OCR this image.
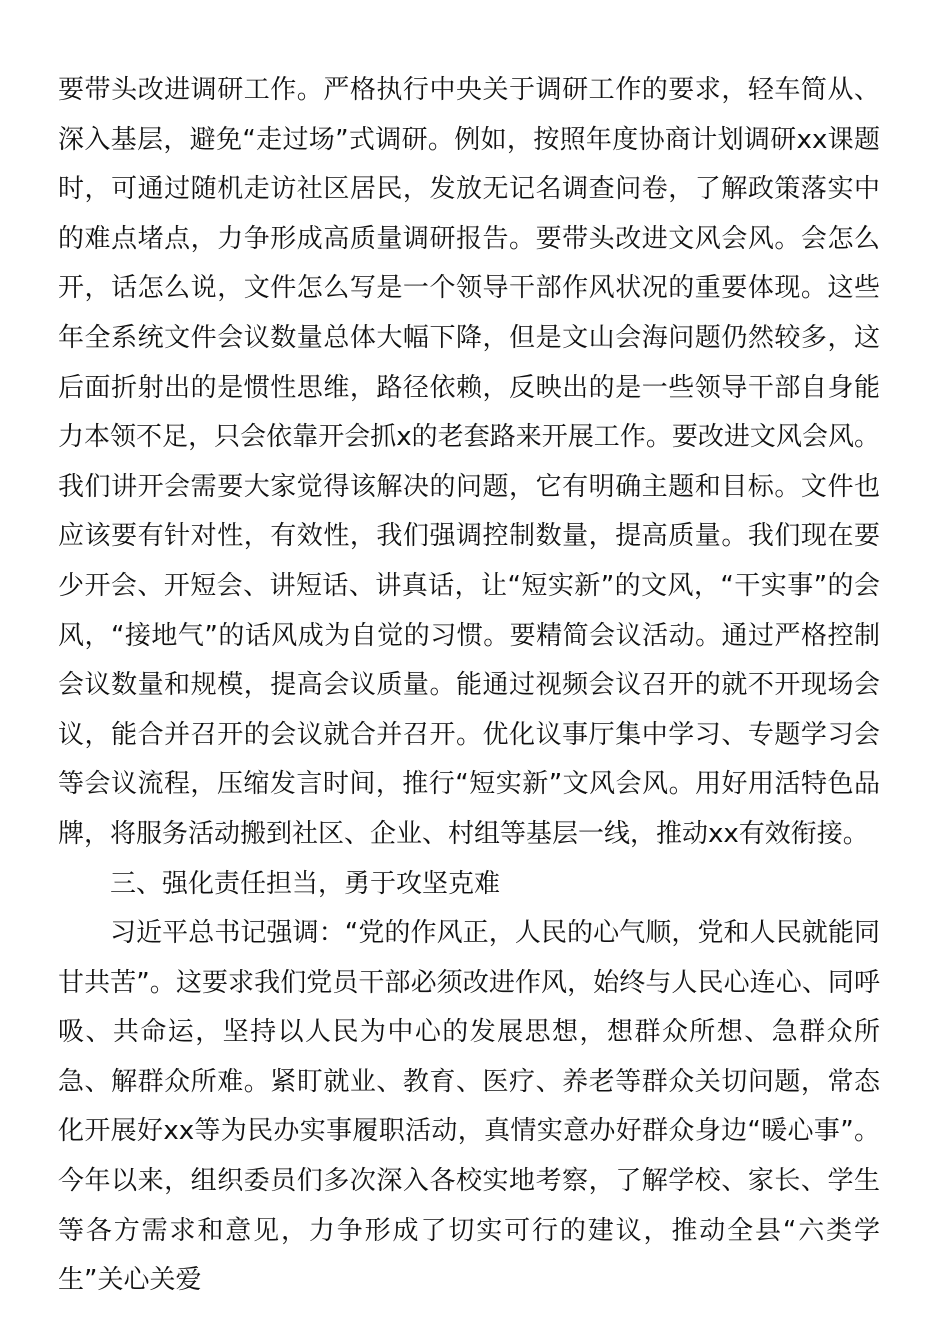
要带头改进调研工作。严格执行中央关于调研工作的要求，轻车简从、深入基层，避免“走过场”式调研。例如，按照年度协商计划调研xx课题时，可通过随机走访社区居民，发放无记名调查问卷，了解政策落实中的难点堵点，力争形成高质量调研报告。要带头改进文风会风。会怎么开，话怎么说，文件怎么写是一个领导干部作风状况的重要体现。这些年全系统文件会议数量总体大幅下降，但是文山会海问题仍然较多，这后面折射出的是惯性思维，路径依赖，反映出的是一些领导干部自身能力本领不足，只会依靠开会抓x的老套路来开展工作。要改进文风会风。我们讲开会需要大家觉得该解决的问题，它有明确主题和目标。文件也应该要有针对性，有效性，我们强调控制数量，提高质量。我们现在要少开会、开短会、讲短话、讲真话，让“短实新”的文风，“干实事”的会风，“接地气”的话风成为自觉的习惯。要精简会议活动。通过严格控制会议数量和规模，提高会议质量。能通过视频会议召开的就不开现场会议，能合并召开的会议就合并召开。优化议事厅集中学习、专题学习会等会议流程，压缩发言时间，推行“短实新”文风会风。用好用活特色品牌，将服务活动搬到社区、企业、村组等基层一线，推动xx有效衔接。

三、强化责任担当，勇于攻坚克难

习近平总书记强调：“党的作风正，人民的心气顺，党和人民就能同甘共苦”。这要求我们党员干部必须改进作风，始终与人民心连心、同呼吸、共命运，坚持以人民为中心的发展思想，想群众所想、急群众所急、解群众所难。紧盯就业、教育、医疗、养老等群众关切问题，常态化开展好xx等为民办实事履职活动，真情实意办好群众身边“暖心事”。今年以来，组织委员们多次深入各校实地考察，了解学校、家长、学生等各方需求和意见，力争形成了切实可行的建议，推动全县“六类学生”关心关爱
